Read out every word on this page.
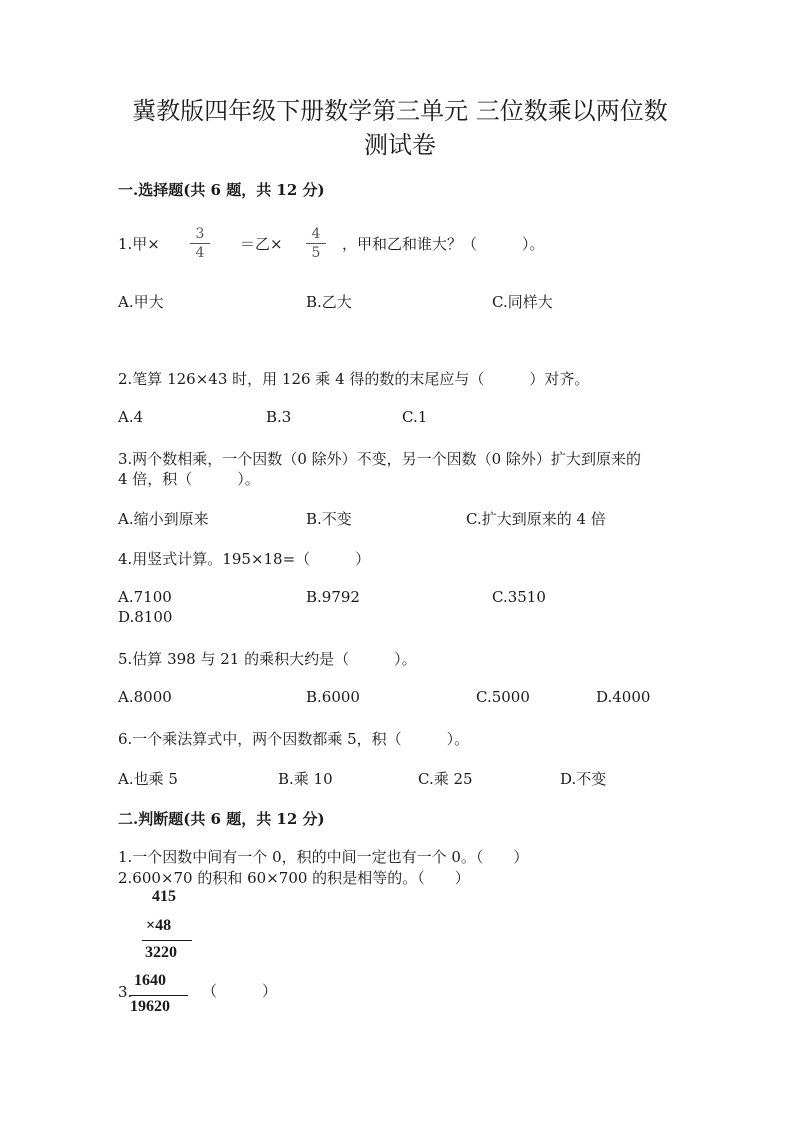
冀教版四年级下册数学第三单元 三位数乘以两位数
测试卷
一.选择题(共 6 题，共 12 分)
1.甲×
3
4	＝乙×
4
5	，甲和乙和谁大？（　　　）。
A.甲大	B.乙大	C.同样大
2.笔算 126×43 时，用 126 乘 4 得的数的末尾应与（　　　）对齐。
A.4	B.3	C.1
3.两个数相乘，一个因数（0 除外）不变，另一个因数（0 除外）扩大到原来的
4 倍，积（　　　）。
A.缩小到原来	B.不变	C.扩大到原来的 4 倍
4.用竖式计算。195×18=（　　　）
A.7100	B.9792	C.3510
D.8100
5.估算 398 与 21 的乘积大约是（　　　）。
A.8000	B.6000	C.5000	D.4000
6.一个乘法算式中，两个因数都乘 5，积（　　　）。
A.也乘 5	B.乘 10	C.乘 25	D.不变
二.判断题(共 6 题，共 12 分)
1.一个因数中间有一个 0，积的中间一定也有一个 0。（　　）
2.600×70 的积和 60×700 的积是相等的。（　　）
415
×48
3220
3.
1640
19620
（　　　）
